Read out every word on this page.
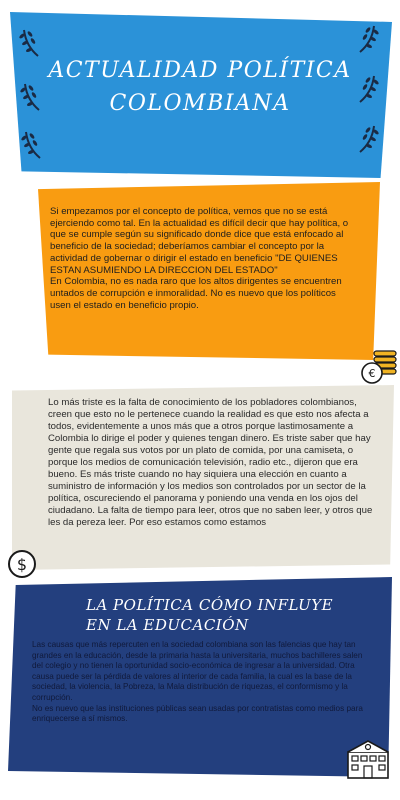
ACTUALIDAD POLÍTICA
COLOMBIANA
Si empezamos por el concepto de política, vemos que no se está ejerciendo como tal. En la actualidad es difícil decir que hay política, o que se cumple según su significado donde dice que está enfocado al beneficio de la sociedad; deberíamos cambiar el concepto por la actividad de gobernar o dirigir el estado en beneficio "DE QUIENES ESTAN ASUMIENDO LA DIRECCION DEL ESTADO"
En Colombia, no es nada raro que los altos dirigentes se encuentren untados de corrupción e inmoralidad. No es nuevo que los políticos usen el estado en beneficio propio.
€
Lo más triste es la falta de conocimiento de los pobladores colombianos, creen que esto no le pertenece cuando la realidad es que esto nos afecta a todos, evidentemente a unos más que a otros porque lastimosamente a Colombia lo dirige el poder y quienes tengan dinero. Es triste saber que hay gente que regala sus votos por un plato de comida, por una camiseta, o porque los medios de comunicación televisión, radio etc., dijeron que era bueno. Es más triste cuando no hay siquiera una elección en cuanto a suministro de información y los medios son controlados por un sector de la política, oscureciendo el panorama y poniendo una venda en los ojos del ciudadano. La falta de tiempo para leer, otros que no saben leer, y otros que les da pereza leer. Por eso estamos como estamos
$
LA POLÍTICA CÓMO INFLUYE
EN LA EDUCACIÓN
Las causas que más repercuten en la sociedad colombiana son las falencias que hay tan grandes en la educación, desde la primaria hasta la universitaria, muchos bachilleres salen del colegio y no tienen la oportunidad socio-económica de ingresar a la universidad. Otra causa puede ser la pérdida de valores al interior de cada familia, la cual es la base de la sociedad, la violencia, la Pobreza, la Mala distribución de riquezas, el conformismo y la corrupción.
No es nuevo que las instituciones públicas sean usadas por contratistas como medios para enriquecerse a sí mismos.
